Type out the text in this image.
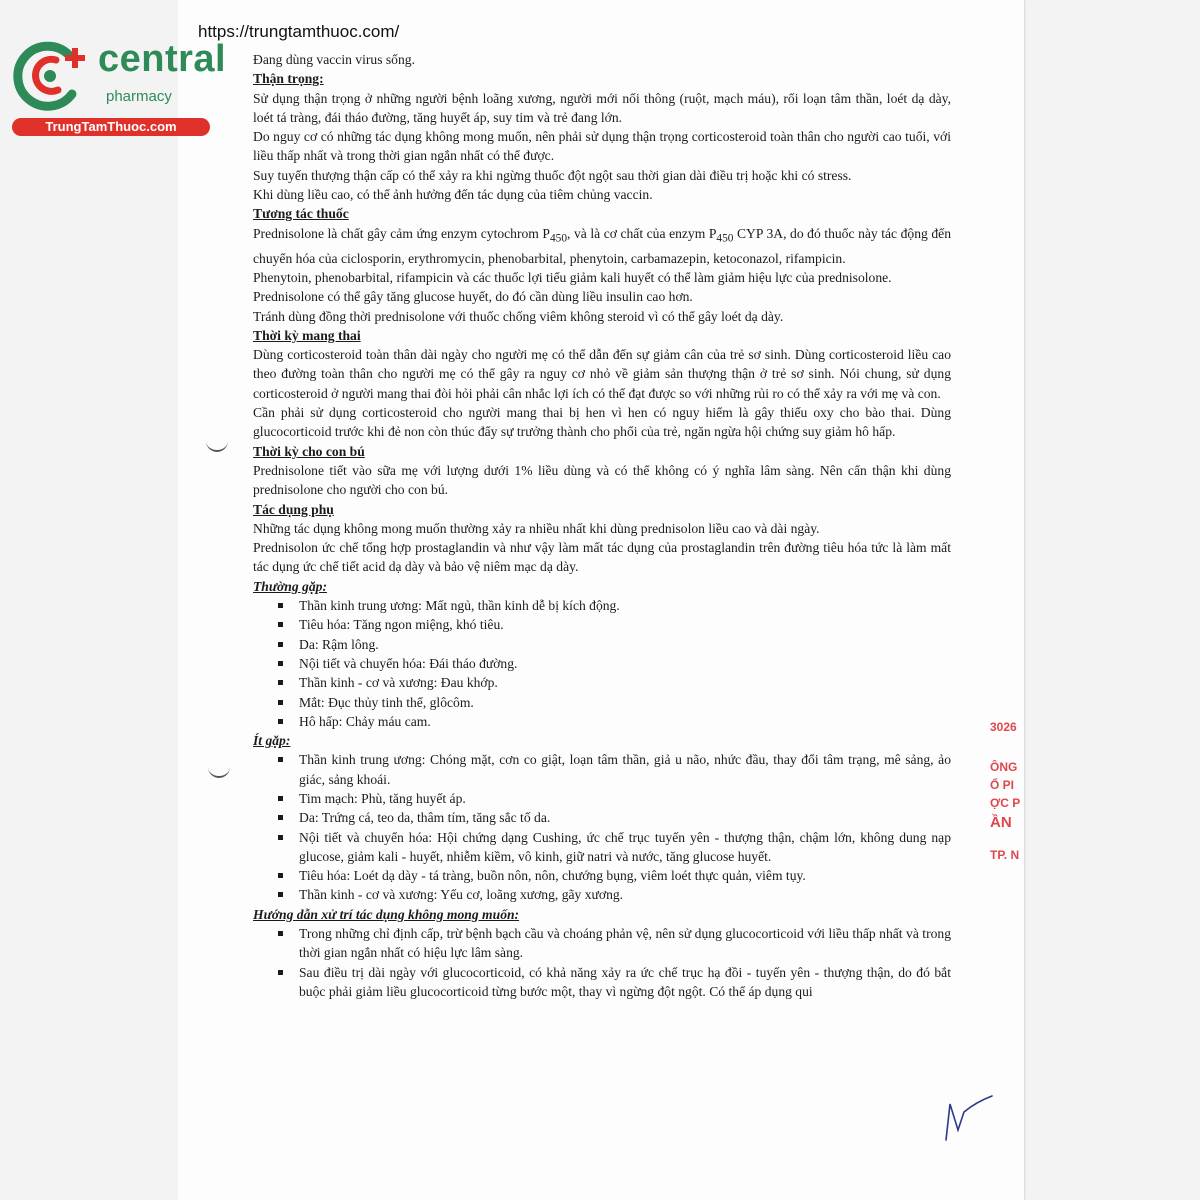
https://trungtamthuoc.com/
central
pharmacy
TrungTamThuoc.com

Đang dùng vaccin virus sống.

Thận trọng:

Sử dụng thận trọng ở những người bệnh loãng xương, người mới nối thông (ruột, mạch máu), rối loạn tâm thần, loét dạ dày, loét tá tràng, đái tháo đường, tăng huyết áp, suy tim và trẻ đang lớn.

Do nguy cơ có những tác dụng không mong muốn, nên phải sử dụng thận trọng corticosteroid toàn thân cho người cao tuổi, với liều thấp nhất và trong thời gian ngắn nhất có thể được.

Suy tuyến thượng thận cấp có thể xảy ra khi ngừng thuốc đột ngột sau thời gian dài điều trị hoặc khi có stress.

Khi dùng liều cao, có thể ảnh hưởng đến tác dụng của tiêm chủng vaccin.

Tương tác thuốc

Prednisolone là chất gây cảm ứng enzym cytochrom $P_{450}$, và là cơ chất của enzym $P_{450}$ CYP 3A, do đó thuốc này tác động đến chuyển hóa của ciclosporin, erythromycin, phenobarbital, phenytoin, carbamazepin, ketoconazol, rifampicin.

Phenytoin, phenobarbital, rifampicin và các thuốc lợi tiểu giảm kali huyết có thể làm giảm hiệu lực của prednisolone.

Prednisolone có thể gây tăng glucose huyết, do đó cần dùng liều insulin cao hơn.

Tránh dùng đồng thời prednisolone với thuốc chống viêm không steroid vì có thể gây loét dạ dày.

Thời kỳ mang thai

Dùng corticosteroid toàn thân dài ngày cho người mẹ có thể dẫn đến sự giảm cân của trẻ sơ sinh. Dùng corticosteroid liều cao theo đường toàn thân cho người mẹ có thể gây ra nguy cơ nhỏ về giảm sản thượng thận ở trẻ sơ sinh. Nói chung, sử dụng corticosteroid ở người mang thai đòi hỏi phải cân nhắc lợi ích có thể đạt được so với những rủi ro có thể xảy ra với mẹ và con.

Cần phải sử dụng corticosteroid cho người mang thai bị hen vì hen có nguy hiểm là gây thiếu oxy cho bào thai. Dùng glucocorticoid trước khi đẻ non còn thúc đẩy sự trưởng thành cho phổi của trẻ, ngăn ngừa hội chứng suy giảm hô hấp.

Thời kỳ cho con bú

Prednisolone tiết vào sữa mẹ với lượng dưới 1% liều dùng và có thể không có ý nghĩa lâm sàng. Nên cẩn thận khi dùng prednisolone cho người cho con bú.

Tác dụng phụ

Những tác dụng không mong muốn thường xảy ra nhiều nhất khi dùng prednisolon liều cao và dài ngày.

Prednisolon ức chế tổng hợp prostaglandin và như vậy làm mất tác dụng của prostaglandin trên đường tiêu hóa tức là làm mất tác dụng ức chế tiết acid dạ dày và bảo vệ niêm mạc dạ dày.

Thường gặp:
Thần kinh trung ương: Mất ngủ, thần kinh dễ bị kích động.
Tiêu hóa: Tăng ngon miệng, khó tiêu.
Da: Rậm lông.
Nội tiết và chuyển hóa: Đái tháo đường.
Thần kinh - cơ và xương: Đau khớp.
Mắt: Đục thủy tinh thể, glôcôm.
Hô hấp: Chảy máu cam.
Ít gặp:
Thần kinh trung ương: Chóng mặt, cơn co giật, loạn tâm thần, giả u não, nhức đầu, thay đổi tâm trạng, mê sảng, ảo giác, sảng khoái.
Tim mạch: Phù, tăng huyết áp.
Da: Trứng cá, teo da, thâm tím, tăng sắc tố da.
Nội tiết và chuyển hóa: Hội chứng dạng Cushing, ức chế trục tuyến yên - thượng thận, chậm lớn, không dung nạp glucose, giảm kali - huyết, nhiễm kiềm, vô kinh, giữ natri và nước, tăng glucose huyết.
Tiêu hóa: Loét dạ dày - tá tràng, buồn nôn, nôn, chướng bụng, viêm loét thực quản, viêm tụy.
Thần kinh - cơ và xương: Yếu cơ, loãng xương, gãy xương.
Hướng dẫn xử trí tác dụng không mong muốn:
Trong những chỉ định cấp, trừ bệnh bạch cầu và choáng phản vệ, nên sử dụng glucocorticoid với liều thấp nhất và trong thời gian ngắn nhất có hiệu lực lâm sàng.
Sau điều trị dài ngày với glucocorticoid, có khả năng xảy ra ức chế trục hạ đồi - tuyến yên - thượng thận, do đó bắt buộc phải giảm liều glucocorticoid từng bước một, thay vì ngừng đột ngột. Có thể áp dụng qui
3026
ÔNG
Ổ PI
ỢC P
ẦN
TP. N
